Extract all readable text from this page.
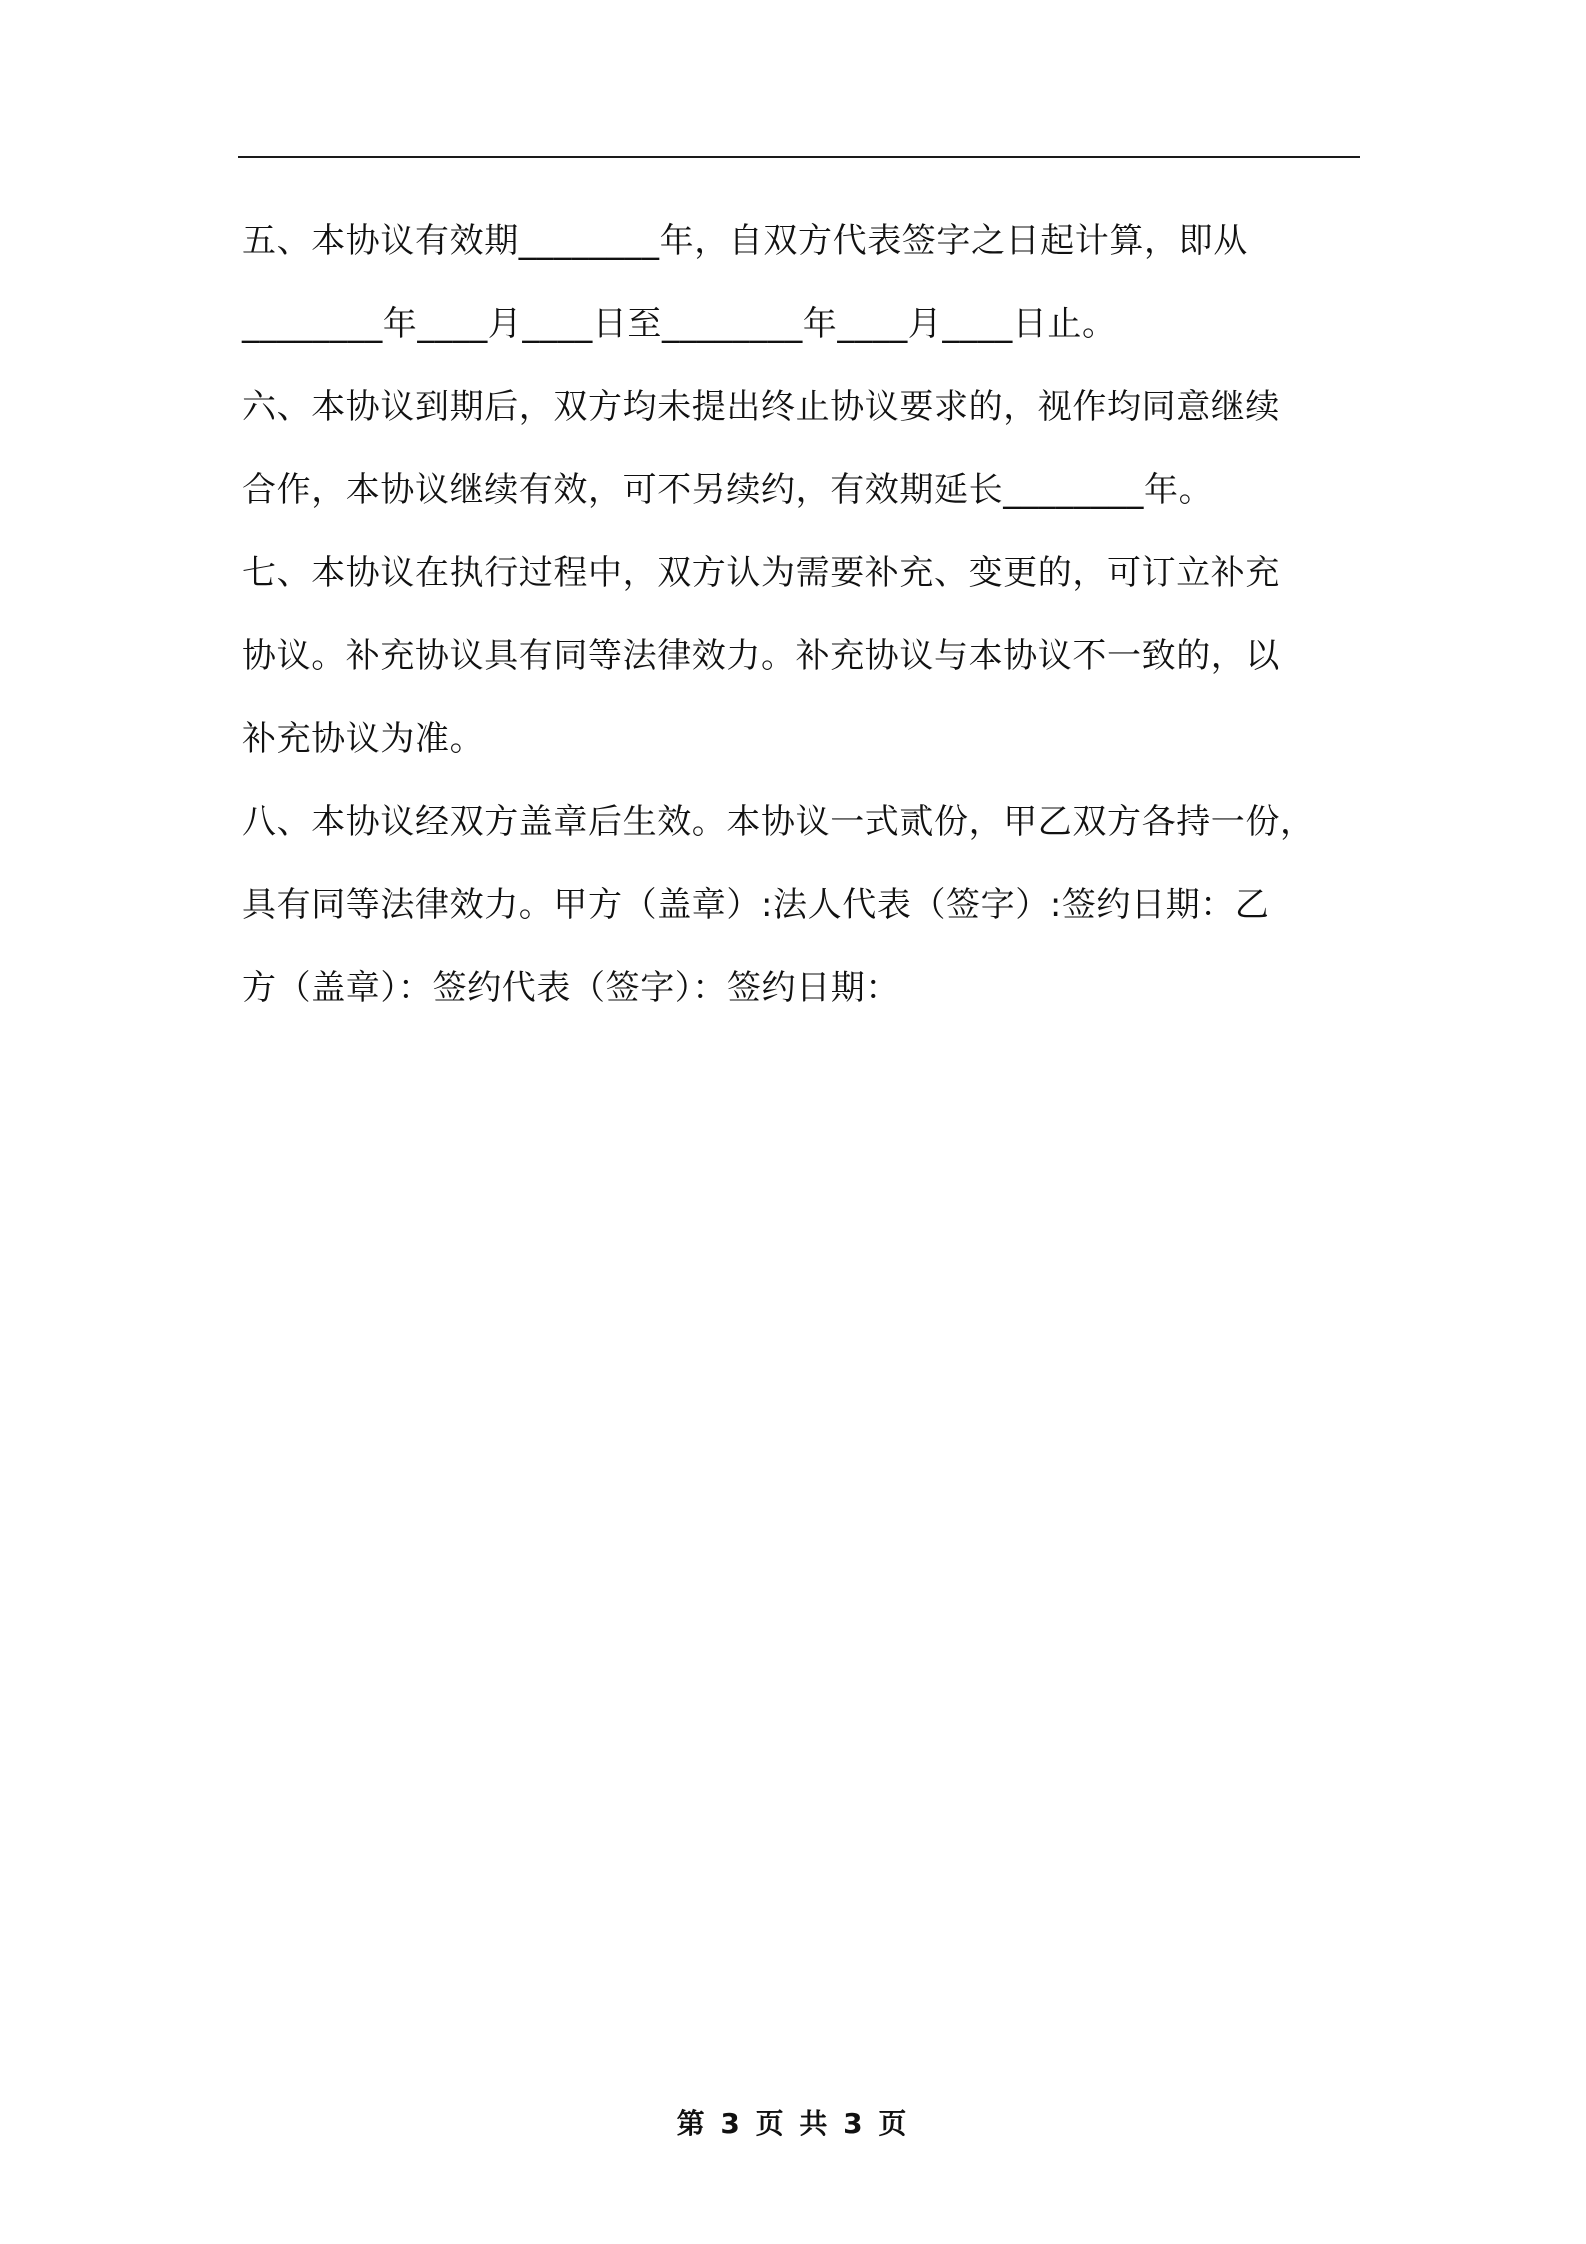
五、本协议有效期________年，自双方代表签字之日起计算，即从
________年____月____日至________年____月____日止。
六、本协议到期后，双方均未提出终止协议要求的，视作均同意继续
合作，本协议继续有效，可不另续约，有效期延长________年。
七、本协议在执行过程中，双方认为需要补充、变更的，可订立补充
协议。补充协议具有同等法律效力。补充协议与本协议不一致的，以
补充协议为准。
八、本协议经双方盖章后生效。本协议一式贰份，甲乙双方各持一份，
具有同等法律效力。甲方（盖章）:法人代表（签字）:签约日期：乙
方（盖章）：签约代表（签字）：签约日期：
第 3 页 共 3 页
